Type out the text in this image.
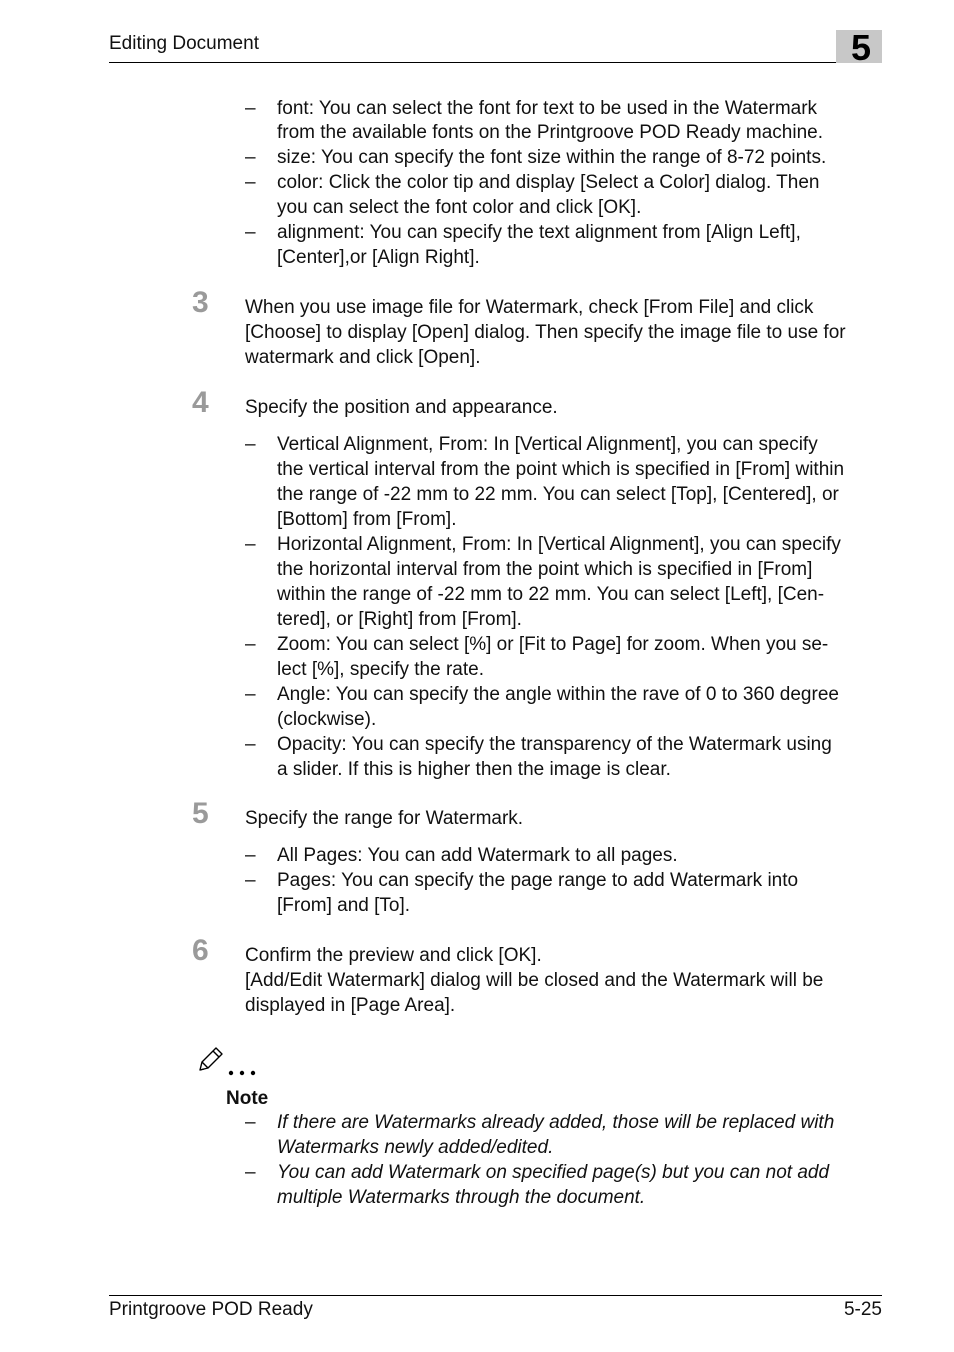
Editing Document	5
– font: You can select the font for text to be used in the Watermark
from the available fonts on the Printgroove POD Ready machine.
– size: You can specify the font size within the range of 8-72 points.
– color: Click the color tip and display [Select a Color] dialog. Then
you can select the font color and click [OK].
– alignment: You can specify the text alignment from [Align Left],
[Center],or [Align Right].
3 When you use image file for Watermark, check [From File] and click
[Choose] to display [Open] dialog. Then specify the image file to use for
watermark and click [Open].
4 Specify the position and appearance.
– Vertical Alignment, From: In [Vertical Alignment], you can specify
the vertical interval from the point which is specified in [From] within
the range of -22 mm to 22 mm. You can select [Top], [Centered], or
[Bottom] from [From].
– Horizontal Alignment, From: In [Vertical Alignment], you can specify
the horizontal interval from the point which is specified in [From]
within the range of -22 mm to 22 mm. You can select [Left], [Cen-
tered], or [Right] from [From].
– Zoom: You can select [%] or [Fit to Page] for zoom. When you se-
lect [%], specify the rate.
– Angle: You can specify the angle within the rave of 0 to 360 degree
(clockwise).
– Opacity: You can specify the transparency of the Watermark using
a slider. If this is higher then the image is clear.
5 Specify the range for Watermark.
– All Pages: You can add Watermark to all pages.
– Pages: You can specify the page range to add Watermark into
[From] and [To].
6 Confirm the preview and click [OK].
[Add/Edit Watermark] dialog will be closed and the Watermark will be
displayed in [Page Area].
Note
– If there are Watermarks already added, those will be replaced with
Watermarks newly added/edited.
– You can add Watermark on specified page(s) but you can not add
multiple Watermarks through the document.
Printgroove POD Ready	5-25
